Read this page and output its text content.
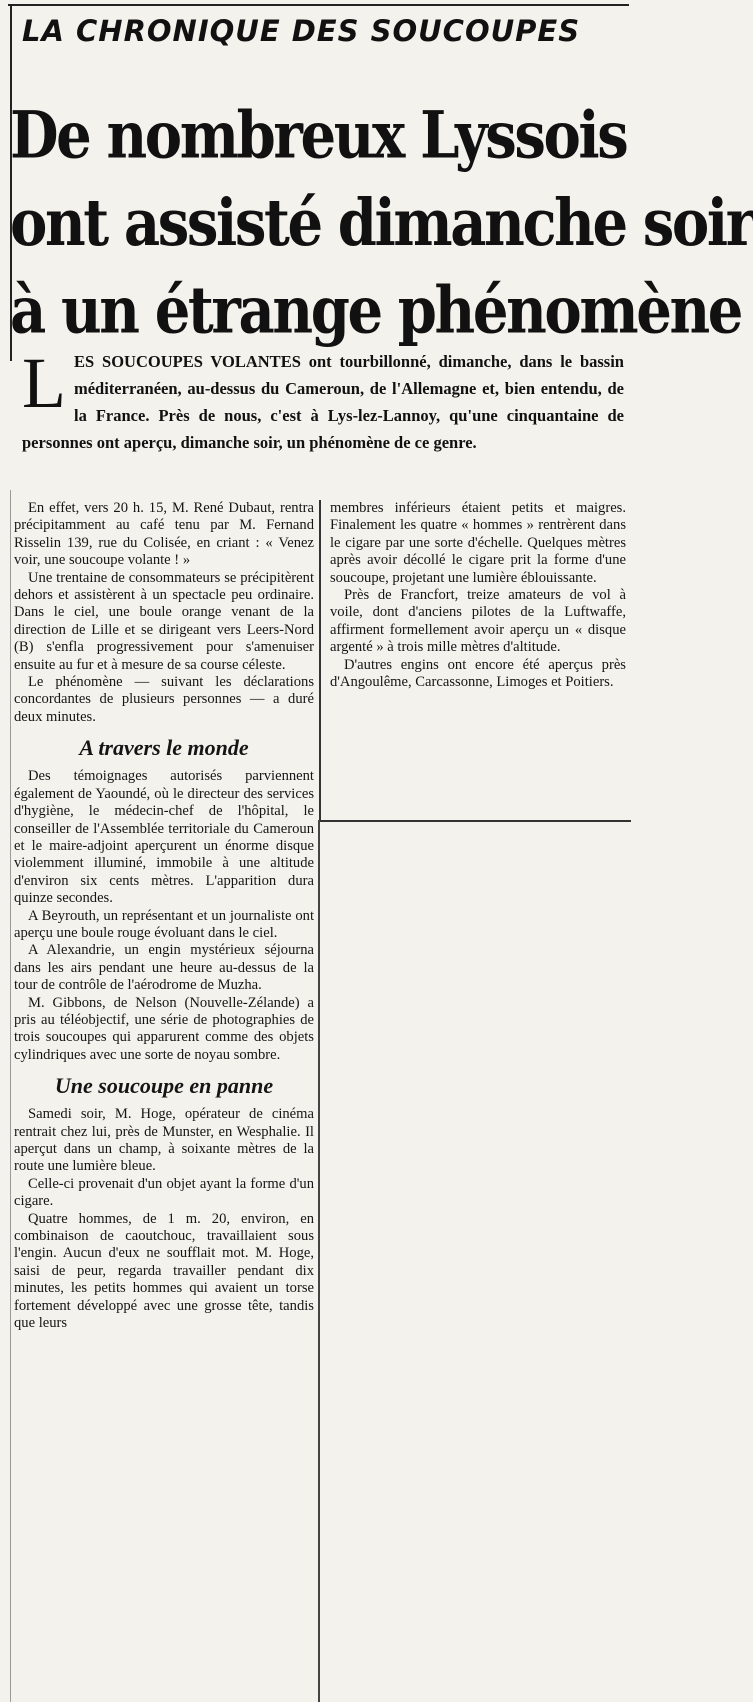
LA CHRONIQUE DES SOUCOUPES
De nombreux Lyssois
ont assisté dimanche soir
à un étrange phénomène
LES SOUCOUPES VOLANTES ont tourbillonné, dimanche, dans le bassin méditerranéen, au-dessus du Cameroun, de l'Allemagne et, bien entendu, de la France. Près de nous, c'est à Lys-lez-Lannoy, qu'une cinquantaine de personnes ont aperçu, dimanche soir, un phénomène de ce genre.

En effet, vers 20 h. 15, M. René Dubaut, rentra précipitamment au café tenu par M. Fernand Risselin 139, rue du Colisée, en criant : « Venez voir, une soucoupe volante ! »

Une trentaine de consommateurs se précipitèrent dehors et assistèrent à un spectacle peu ordinaire. Dans le ciel, une boule orange venant de la direction de Lille et se dirigeant vers Leers-Nord (B) s'enfla progressivement pour s'amenuiser ensuite au fur et à mesure de sa course céleste.

Le phénomène — suivant les déclarations concordantes de plusieurs personnes — a duré deux minutes.

A travers le monde

Des témoignages autorisés parviennent également de Yaoundé, où le directeur des services d'hygiène, le médecin-chef de l'hôpital, le conseiller de l'Assemblée territoriale du Cameroun et le maire-adjoint aperçurent un énorme disque violemment illuminé, immobile à une altitude d'environ six cents mètres. L'apparition dura quinze secondes.

A Beyrouth, un représentant et un journaliste ont aperçu une boule rouge évoluant dans le ciel.

A Alexandrie, un engin mystérieux séjourna dans les airs pendant une heure au-dessus de la tour de contrôle de l'aérodrome de Muzha.

M. Gibbons, de Nelson (Nouvelle-Zélande) a pris au téléobjectif, une série de photographies de trois soucoupes qui apparurent comme des objets cylindriques avec une sorte de noyau sombre.

Une soucoupe en panne

Samedi soir, M. Hoge, opérateur de cinéma rentrait chez lui, près de Munster, en Wesphalie. Il aperçut dans un champ, à soixante mètres de la route une lumière bleue.

Celle-ci provenait d'un objet ayant la forme d'un cigare.

Quatre hommes, de 1 m. 20, environ, en combinaison de caoutchouc, travaillaient sous l'engin. Aucun d'eux ne soufflait mot. M. Hoge, saisi de peur, regarda travailler pendant dix minutes, les petits hommes qui avaient un torse fortement développé avec une grosse tête, tandis que leurs

membres inférieurs étaient petits et maigres. Finalement les quatre « hommes » rentrèrent dans le cigare par une sorte d'échelle. Quelques mètres après avoir décollé le cigare prit la forme d'une soucoupe, projetant une lumière éblouissante.

Près de Francfort, treize amateurs de vol à voile, dont d'anciens pilotes de la Luftwaffe, affirment formellement avoir aperçu un « disque argenté » à trois mille mètres d'altitude.

D'autres engins ont encore été aperçus près d'Angoulême, Carcassonne, Limoges et Poitiers.
